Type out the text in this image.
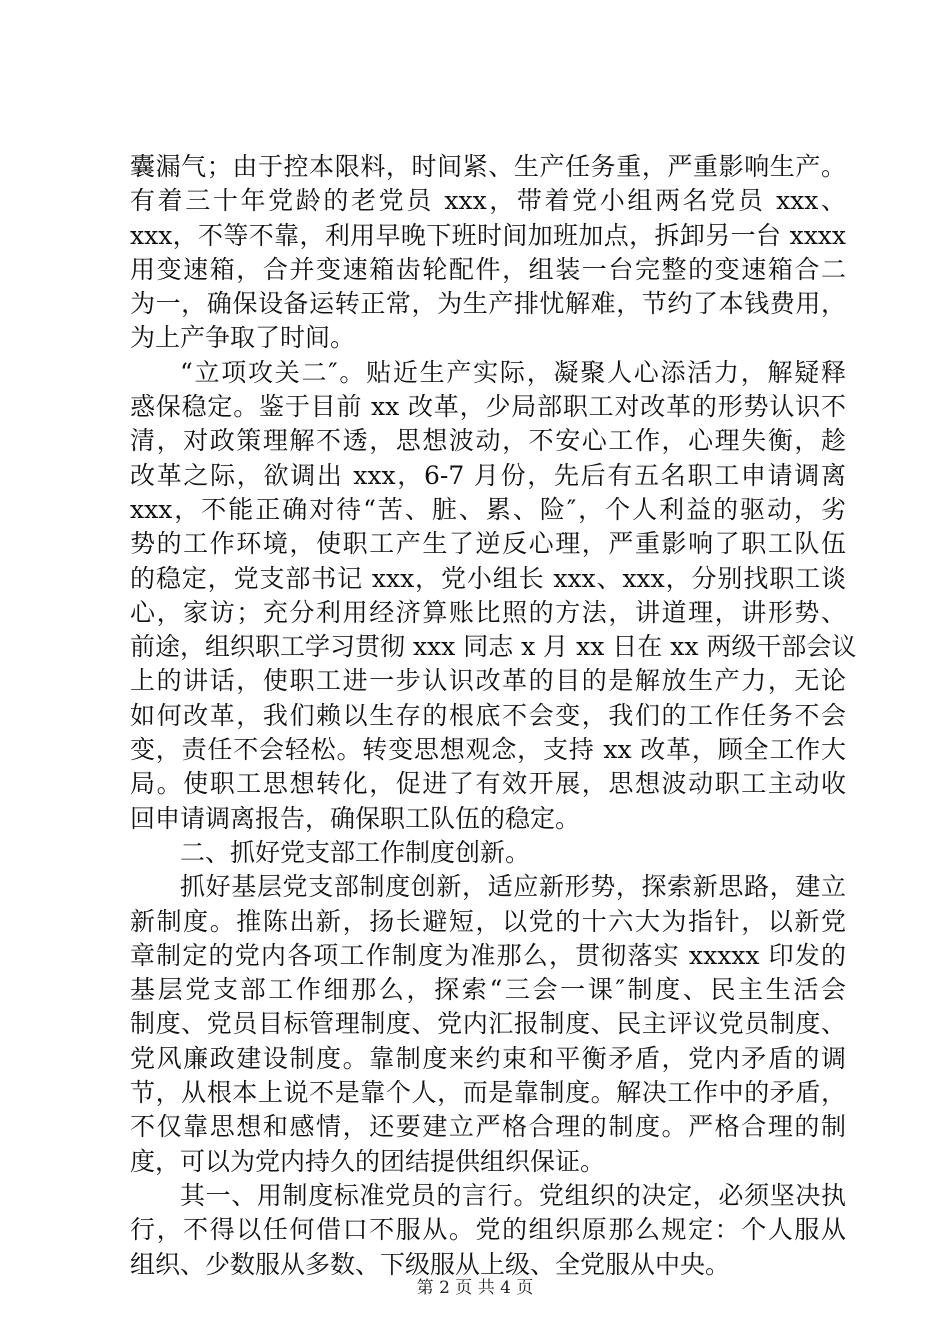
囊漏气；由于控本限料，时间紧、生产任务重，严重影响生产。
有着三十年党龄的老党员 xxx，带着党小组两名党员 xxx、
xxx，不等不靠，利用早晚下班时间加班加点，拆卸另一台 xxxx
用变速箱，合并变速箱齿轮配件，组装一台完整的变速箱合二
为一，确保设备运转正常，为生产排忧解难，节约了本钱费用，
为上产争取了时间。
“立项攻关二″。贴近生产实际，凝聚人心添活力，解疑释
惑保稳定。鉴于目前 xx 改革，少局部职工对改革的形势认识不
清，对政策理解不透，思想波动，不安心工作，心理失衡，趁
改革之际，欲调出 xxx，6-7 月份，先后有五名职工申请调离
xxx，不能正确对待“苦、脏、累、险″，个人利益的驱动，劣
势的工作环境，使职工产生了逆反心理，严重影响了职工队伍
的稳定，党支部书记 xxx，党小组长 xxx、xxx，分别找职工谈
心，家访；充分利用经济算账比照的方法，讲道理，讲形势、
前途，组织职工学习贯彻 xxx 同志 x 月 xx 日在 xx 两级干部会议
上的讲话，使职工进一步认识改革的目的是解放生产力，无论
如何改革，我们赖以生存的根底不会变，我们的工作任务不会
变，责任不会轻松。转变思想观念，支持 xx 改革，顾全工作大
局。使职工思想转化，促进了有效开展，思想波动职工主动收
回申请调离报告，确保职工队伍的稳定。
二、抓好党支部工作制度创新。
抓好基层党支部制度创新，适应新形势，探索新思路，建立
新制度。推陈出新，扬长避短，以党的十六大为指针，以新党
章制定的党内各项工作制度为准那么，贯彻落实 xxxxx 印发的
基层党支部工作细那么，探索“三会一课″制度、民主生活会
制度、党员目标管理制度、党内汇报制度、民主评议党员制度、
党风廉政建设制度。靠制度来约束和平衡矛盾，党内矛盾的调
节，从根本上说不是靠个人，而是靠制度。解决工作中的矛盾，
不仅靠思想和感情，还要建立严格合理的制度。严格合理的制
度，可以为党内持久的团结提供组织保证。
其一、用制度标准党员的言行。党组织的决定，必须坚决执
行，不得以任何借口不服从。党的组织原那么规定：个人服从
组织、少数服从多数、下级服从上级、全党服从中央。
第 2 页 共 4 页
